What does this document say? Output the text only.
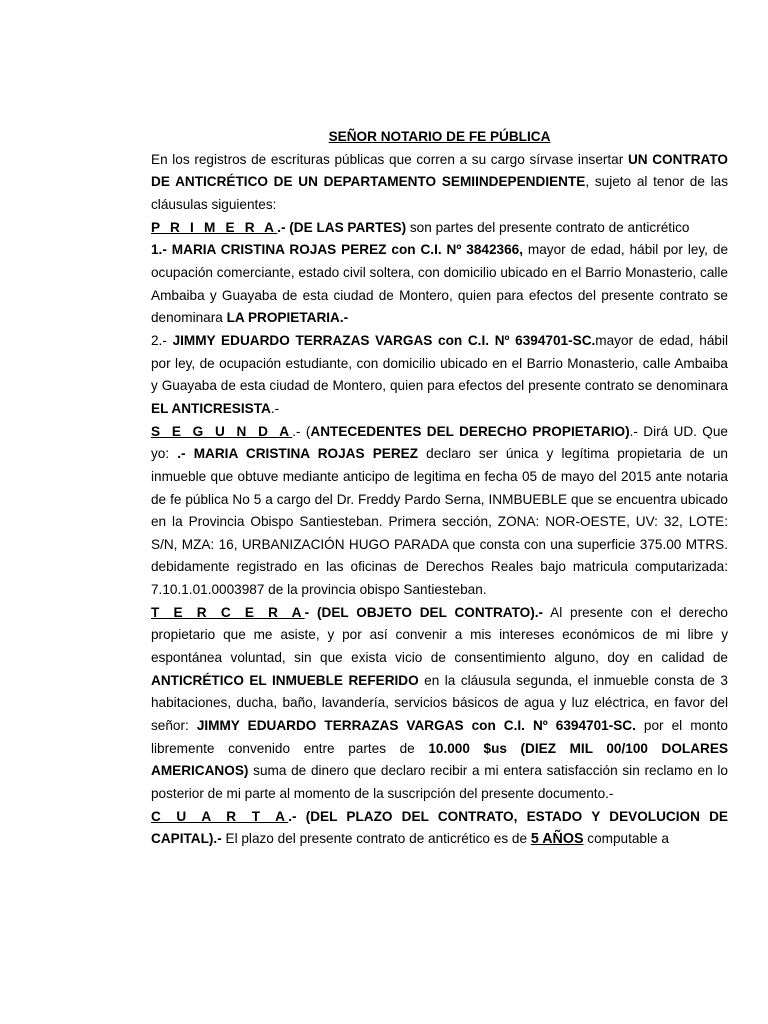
SEÑOR NOTARIO DE FE PÚBLICA

En los registros de escrituras públicas que corren a su cargo sírvase insertar UN CONTRATO DE ANTICRÉTICO DE UN DEPARTAMENTO SEMIINDEPENDIENTE, sujeto al tenor de las cláusulas siguientes:

P R I M E R A.- (DE LAS PARTES) son partes del presente contrato de anticrético

1.- MARIA CRISTINA ROJAS PEREZ con C.I. Nº 3842366, mayor de edad, hábil por ley, de ocupación comerciante, estado civil soltera, con domicilio ubicado en el Barrio Monasterio, calle Ambaiba y Guayaba de esta ciudad de Montero, quien para efectos del presente contrato se denominara LA PROPIETARIA.-

2.- JIMMY EDUARDO TERRAZAS VARGAS con C.I. Nº 6394701-SC.mayor de edad, hábil por ley, de ocupación estudiante, con domicilio ubicado en el Barrio Monasterio, calle Ambaiba y Guayaba de esta ciudad de Montero, quien para efectos del presente contrato se denominara EL ANTICRESISTA.-

S E G U N D A.- (ANTECEDENTES DEL DERECHO PROPIETARIO).- Dirá UD. Que yo: .- MARIA CRISTINA ROJAS PEREZ declaro ser única y legítima propietaria de un inmueble que obtuve mediante anticipo de legitima en fecha 05 de mayo del 2015 ante notaria de fe pública No 5 a cargo del Dr. Freddy Pardo Serna, INMBUEBLE que se encuentra ubicado en la Provincia Obispo Santiesteban. Primera sección, ZONA: NOR-OESTE, UV: 32, LOTE: S/N, MZA: 16, URBANIZACIÓN HUGO PARADA que consta con una superficie 375.00 MTRS. debidamente registrado en las oficinas de Derechos Reales bajo matricula computarizada: 7.10.1.01.0003987 de la provincia obispo Santiesteban.

T E R C E R A- (DEL OBJETO DEL CONTRATO).- Al presente con el derecho propietario que me asiste, y por así convenir a mis intereses económicos de mi libre y espontánea voluntad, sin que exista vicio de consentimiento alguno, doy en calidad de ANTICRÉTICO EL INMUEBLE REFERIDO en la cláusula segunda, el inmueble consta de 3 habitaciones, ducha, baño, lavandería, servicios básicos de agua y luz eléctrica, en favor del señor: JIMMY EDUARDO TERRAZAS VARGAS con C.I. Nº 6394701-SC. por el monto libremente convenido entre partes de 10.000 $us (DIEZ MIL 00/100 DOLARES AMERICANOS) suma de dinero que declaro recibir a mi entera satisfacción sin reclamo en lo posterior de mi parte al momento de la suscripción del presente documento.-

C U A R T A.- (DEL PLAZO DEL CONTRATO, ESTADO Y DEVOLUCION DE CAPITAL).- El plazo del presente contrato de anticrético es de 5 AÑOS computable a
